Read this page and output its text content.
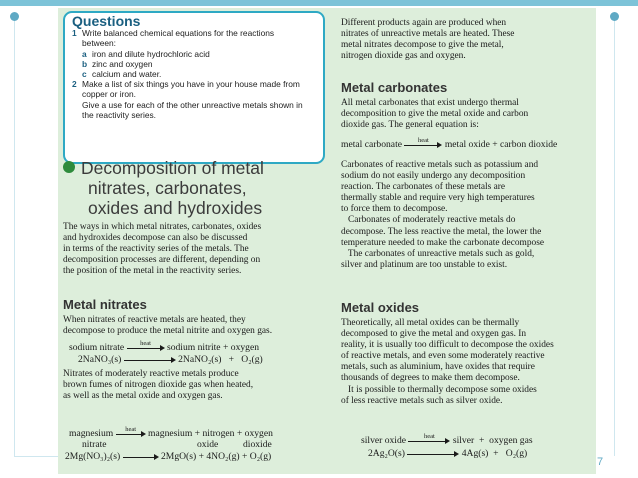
Questions
1 Write balanced chemical equations for the reactions
between:
a iron and dilute hydrochloric acid
b zinc and oxygen
c calcium and water.
2 Make a list of six things you have in your house made from
copper or iron.
Give a use for each of the other unreactive metals shown in
the reactivity series.
Decomposition of metal
nitrates, carbonates,
oxides and hydroxides
The ways in which metal nitrates, carbonates, oxides
and hydroxides decompose can also be discussed
in terms of the reactivity series of the metals. The
decomposition processes are different, depending on
the position of the metal in the reactivity series.
Metal nitrates
When nitrates of reactive metals are heated, they
decompose to produce the metal nitrite and oxygen gas.
sodium nitrate	heat	sodium nitrite + oxygen
2NaNO₃(s)	2NaNO₂(s) + O₂(g)
Nitrates of moderately reactive metals produce
brown fumes of nitrogen dioxide gas when heated,
as well as the metal oxide and oxygen gas.
magnesium	heat	magnesium + nitrogen + oxygen
nitrate	oxide	dioxide
2Mg(NO₃)₂(s)	2MgO(s) + 4NO₂(g) + O₂(g)
Different products again are produced when
nitrates of unreactive metals are heated. These
metal nitrates decompose to give the metal,
nitrogen dioxide gas and oxygen.
Metal carbonates
All metal carbonates that exist undergo thermal
decomposition to give the metal oxide and carbon
dioxide gas. The general equation is:
metal carbonate	heat	metal oxide + carbon dioxide
Carbonates of reactive metals such as potassium and
sodium do not easily undergo any decomposition
reaction. The carbonates of these metals are
thermally stable and require very high temperatures
to force them to decompose.
Carbonates of moderately reactive metals do
decompose. The less reactive the metal, the lower the
temperature needed to make the carbonate decompose
The carbonates of unreactive metals such as gold,
silver and platinum are too unstable to exist.
Metal oxides
Theoretically, all metal oxides can be thermally
decomposed to give the metal and oxygen gas. In
reality, it is usually too difficult to decompose the oxides
of reactive metals, and even some moderately reactive
metals, such as aluminium, have oxides that require
thousands of degrees to make them decompose.
It is possible to thermally decompose some oxides
of less reactive metals such as silver oxide.
silver oxide	heat	silver  +  oxygen gas
2Ag₂O(s)	4Ag(s)  +   O₂(g)
7
